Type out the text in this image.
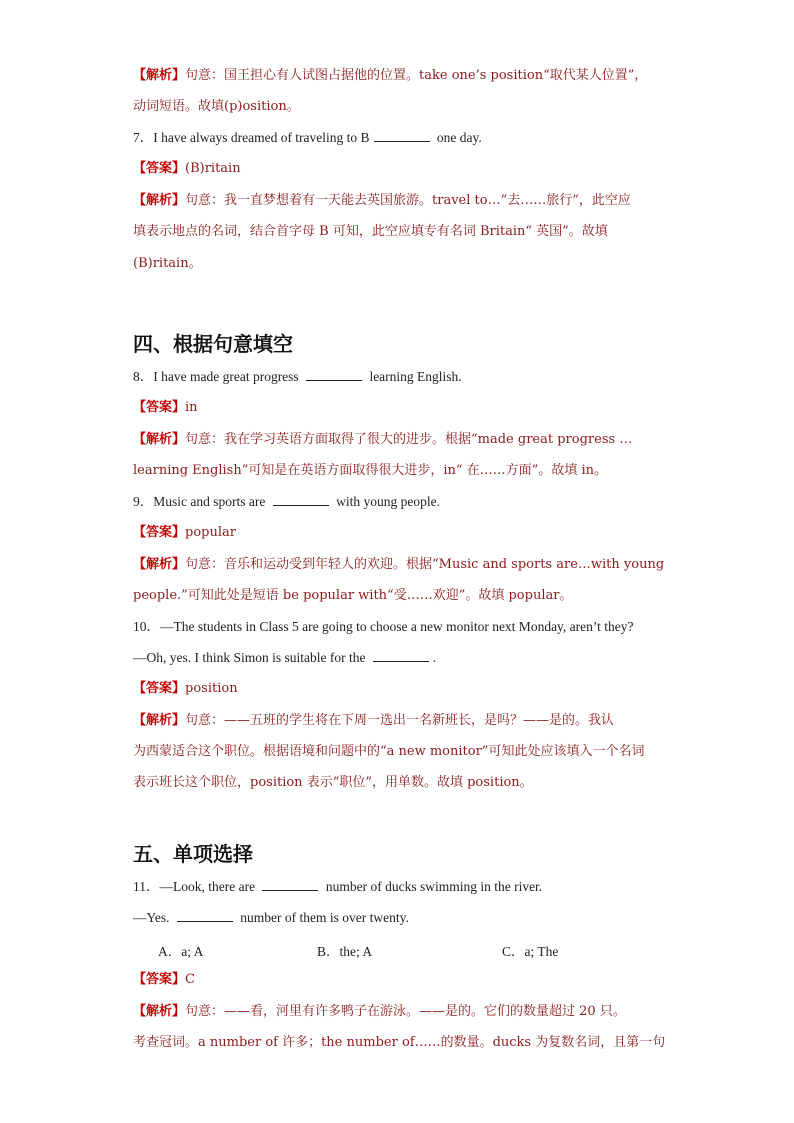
【解析】句意：国王担心有人试图占据他的位置。take one’s position“取代某人位置”，
动词短语。故填(p)osition。
7．I have always dreamed of traveling to B	one day.
【答案】(B)ritain
【解析】句意：我一直梦想着有一天能去英国旅游。travel to…“去……旅行”，此空应
填表示地点的名词，结合首字母 B 可知，此空应填专有名词 Britain“ 英国”。故填
(B)ritain。
四、根据句意填空
8．I have made great progress	learning English.
【答案】in
【解析】句意：我在学习英语方面取得了很大的进步。根据“made great progress …
learning English”可知是在英语方面取得很大进步，in“ 在……方面”。故填 in。
9．Music and sports are	with young people.
【答案】popular
【解析】句意：音乐和运动受到年轻人的欢迎。根据“Music and sports are…with young
people.”可知此处是短语 be popular with“受……欢迎”。故填 popular。
10．—The students in Class 5 are going to choose a new monitor next Monday, aren’t they?
—Oh, yes. I think Simon is suitable for the	.
【答案】position
【解析】句意：——五班的学生将在下周一选出一名新班长，是吗？——是的。我认
为西蒙适合这个职位。根据语境和问题中的“a new monitor”可知此处应该填入一个名词
表示班长这个职位，position 表示“职位”，用单数。故填 position。
五、单项选择
11．—Look, there are	number of ducks swimming in the river.
—Yes.	number of them is over twenty.
A．a; A	B．the; A	C．a; The
【答案】C
【解析】句意：——看，河里有许多鸭子在游泳。——是的。它们的数量超过 20 只。
考查冠词。a number of 许多；the number of……的数量。ducks 为复数名词，且第一句
